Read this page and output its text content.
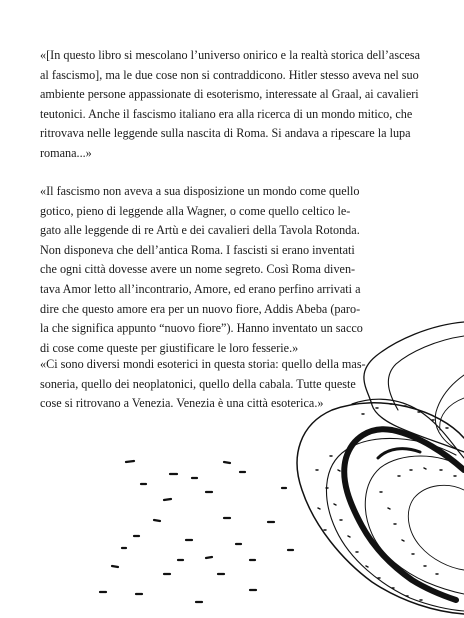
«[In questo libro si mescolano l’universo onirico e la realtà storica dell’ascesa
al fascismo], ma le due cose non si contraddicono. Hitler stesso aveva nel suo
ambiente persone appassionate di esoterismo, interessate al Graal, ai cavalieri
teutonici. Anche il fascismo italiano era alla ricerca di un mondo mitico, che
ritrovava nelle leggende sulla nascita di Roma. Si andava a ripescare la lupa
romana...»
«Il fascismo non aveva a sua disposizione un mondo come quello
gotico, pieno di leggende alla Wagner, o come quello celtico le-
gato alle leggende di re Artù e dei cavalieri della Tavola Rotonda.
Non disponeva che dell’antica Roma. I fascisti si erano inventati
che ogni città dovesse avere un nome segreto. Così Roma diven-
tava Amor letto all’incontrario, Amore, ed erano perfino arrivati a
dire che questo amore era per un nuovo fiore, Addis Abeba (paro-
la che significa appunto “nuovo fiore”). Hanno inventato un sacco
di cose come queste per giustificare le loro fesserie.»
«Ci sono diversi mondi esoterici in questa storia: quello della mas-
soneria, quello dei neoplatonici, quello della cabala. Tutte queste
cose si ritrovano a Venezia. Venezia è una città esoterica.»
